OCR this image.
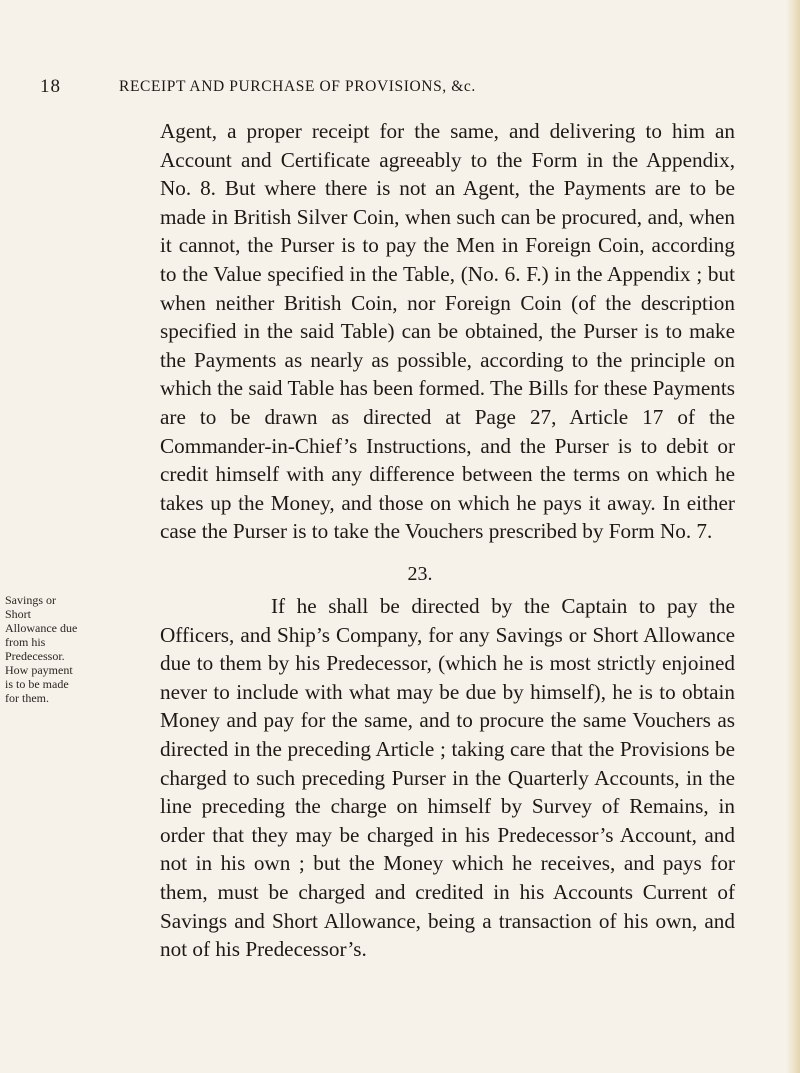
18	RECEIPT AND PURCHASE OF PROVISIONS, &c.

Agent, a proper receipt for the same, and delivering to him an Account and Certificate agreeably to the Form in the Appendix, No. 8. But where there is not an Agent, the Payments are to be made in British Silver Coin, when such can be procured, and, when it cannot, the Purser is to pay the Men in Foreign Coin, according to the Value specified in the Table, (No. 6. F.) in the Appendix ; but when neither British Coin, nor Foreign Coin (of the description specified in the said Table) can be obtained, the Purser is to make the Payments as nearly as possible, according to the principle on which the said Table has been formed. The Bills for these Payments are to be drawn as directed at Page 27, Article 17 of the Commander-in-Chief’s Instructions, and the Purser is to debit or credit himself with any difference between the terms on which he takes up the Money, and those on which he pays it away. In either case the Purser is to take the Vouchers prescribed by Form No. 7.

23.

Savings or Short Allowance due from his Predecessor. How payment is to be made for them.

If he shall be directed by the Captain to pay the Officers, and Ship’s Company, for any Savings or Short Allowance due to them by his Predecessor, (which he is most strictly enjoined never to include with what may be due by himself), he is to obtain Money and pay for the same, and to procure the same Vouchers as directed in the preceding Article ; taking care that the Provisions be charged to such preceding Purser in the Quarterly Accounts, in the line preceding the charge on himself by Survey of Remains, in order that they may be charged in his Predecessor’s Account, and not in his own ; but the Money which he receives, and pays for them, must be charged and credited in his Accounts Current of Savings and Short Allowance, being a transaction of his own, and not of his Predecessor’s.
